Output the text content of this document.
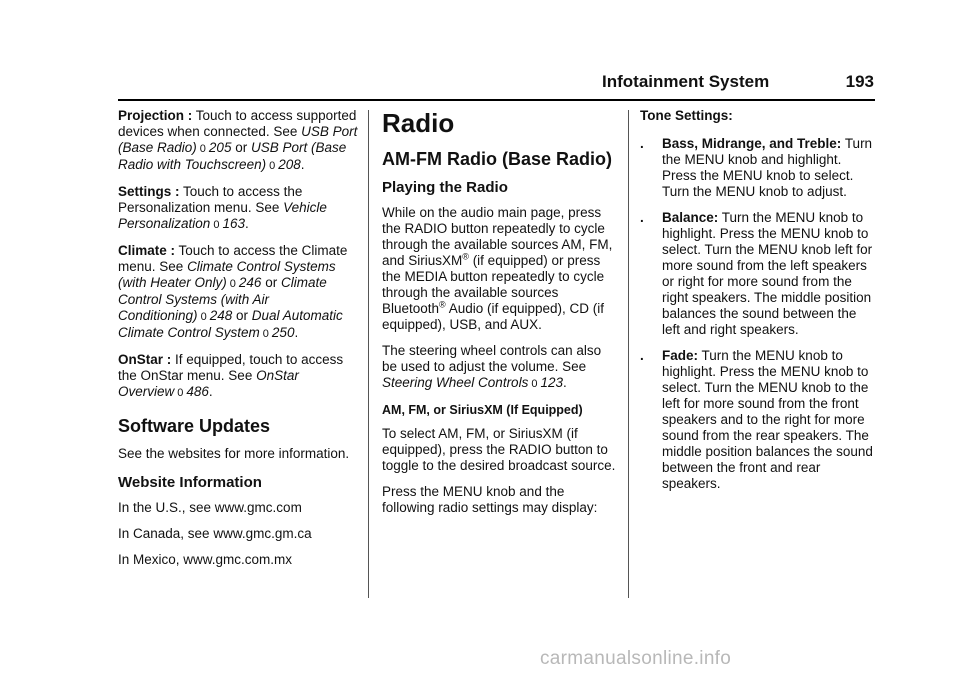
Infotainment System	193

Projection : Touch to access supported devices when connected. See USB Port (Base Radio) 0 205 or USB Port (Base Radio with Touchscreen) 0 208.

Settings : Touch to access the Personalization menu. See Vehicle Personalization 0 163.

Climate : Touch to access the Climate menu. See Climate Control Systems (with Heater Only) 0 246 or Climate Control Systems (with Air Conditioning) 0 248 or Dual Automatic Climate Control System 0 250.

OnStar : If equipped, touch to access the OnStar menu. See OnStar Overview 0 486.

Software Updates

See the websites for more information.

Website Information

In the U.S., see www.gmc.com

In Canada, see www.gmc.gm.ca

In Mexico, www.gmc.com.mx

Radio
AM-FM Radio (Base Radio)
Playing the Radio

While on the audio main page, press the RADIO button repeatedly to cycle through the available sources AM, FM, and SiriusXM® (if equipped) or press the MEDIA button repeatedly to cycle through the available sources Bluetooth® Audio (if equipped), CD (if equipped), USB, and AUX.

The steering wheel controls can also be used to adjust the volume. See Steering Wheel Controls 0 123.

AM, FM, or SiriusXM (If Equipped)

To select AM, FM, or SiriusXM (if equipped), press the RADIO button to toggle to the desired broadcast source.

Press the MENU knob and the following radio settings may display:

Tone Settings:

. Bass, Midrange, and Treble: Turn the MENU knob and highlight. Press the MENU knob to select. Turn the MENU knob to adjust.
. Balance: Turn the MENU knob to highlight. Press the MENU knob to select. Turn the MENU knob left for more sound from the left speakers or right for more sound from the right speakers. The middle position balances the sound between the left and right speakers.
. Fade: Turn the MENU knob to highlight. Press the MENU knob to select. Turn the MENU knob to the left for more sound from the front speakers and to the right for more sound from the rear speakers. The middle position balances the sound between the front and rear speakers.
carmanualsonline.info
